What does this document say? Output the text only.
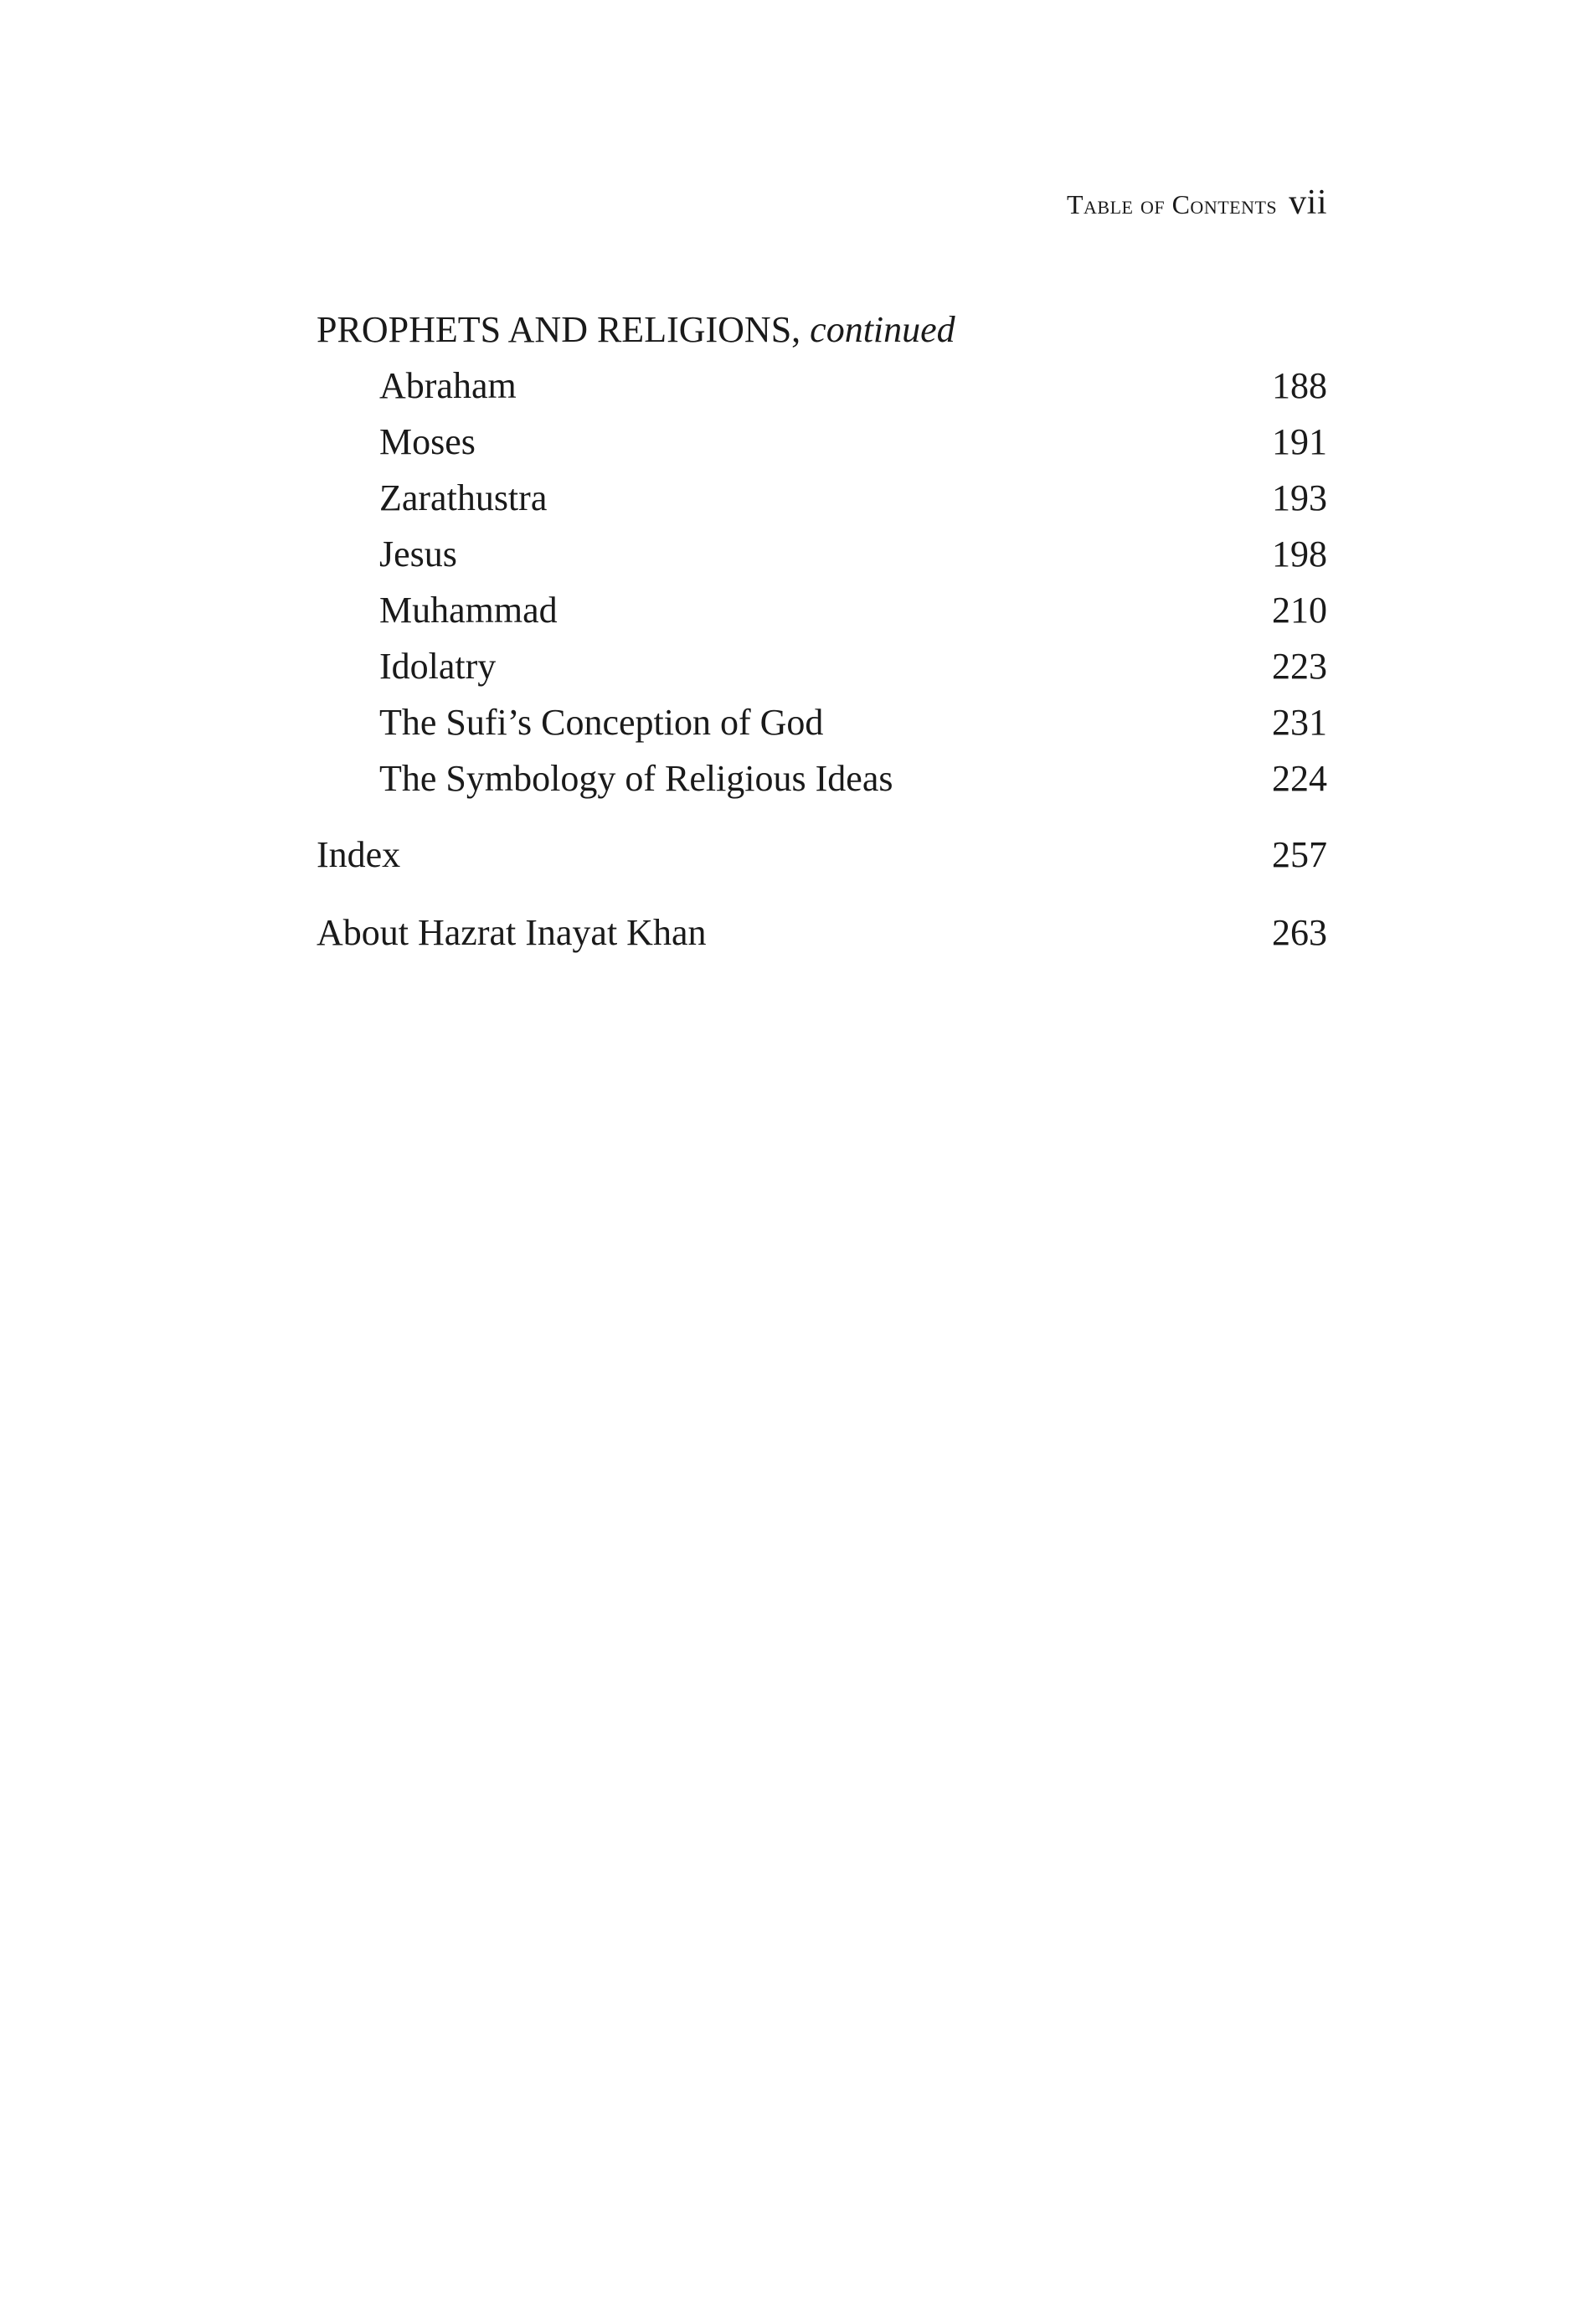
Table of Contents vii
PROPHETS AND RELIGIONS, continued
Abraham	188
Moses	191
Zarathustra	193
Jesus	198
Muhammad	210
Idolatry	223
The Sufi’s Conception of God	231
The Symbology of Religious Ideas	224
Index	257
About Hazrat Inayat Khan	263
